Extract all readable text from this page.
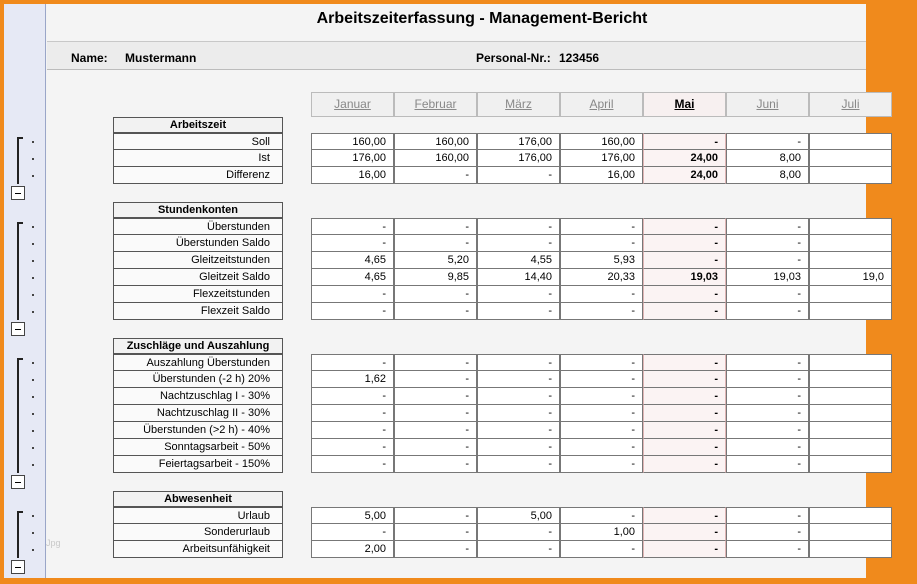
Arbeitszeiterfassung - Management-Bericht
Name: Mustermann	Personal-Nr.: 123456
Januar	Februar	März	April	Mai	Juni	Juli
Arbeitszeit
Soll	160,00	160,00	176,00	160,00	-	-
Ist	176,00	160,00	176,00	176,00	24,00	8,00
Differenz	16,00	-	-	16,00	24,00	8,00
Stundenkonten
Überstunden	-	-	-	-	-	-
Überstunden Saldo	-	-	-	-	-	-
Gleitzeitstunden	4,65	5,20	4,55	5,93	-	-
Gleitzeit Saldo	4,65	9,85	14,40	20,33	19,03	19,03	19,0
Flexzeitstunden	-	-	-	-	-	-
Flexzeit Saldo	-	-	-	-	-	-
Zuschläge und Auszahlung
Auszahlung Überstunden	-	-	-	-	-	-
Überstunden (-2 h) 20%	1,62	-	-	-	-	-
Nachtzuschlag I - 30%	-	-	-	-	-	-
Nachtzuschlag II - 30%	-	-	-	-	-	-
Überstunden (>2 h) - 40%	-	-	-	-	-	-
Sonntagsarbeit - 50%	-	-	-	-	-	-
Feiertagsarbeit - 150%	-	-	-	-	-	-
Abwesenheit
Urlaub	5,00	-	5,00	-	-	-
Sonderurlaub	-	-	-	1,00	-	-
Arbeitsunfähigkeit	2,00	-	-	-	-	-
Jpg
